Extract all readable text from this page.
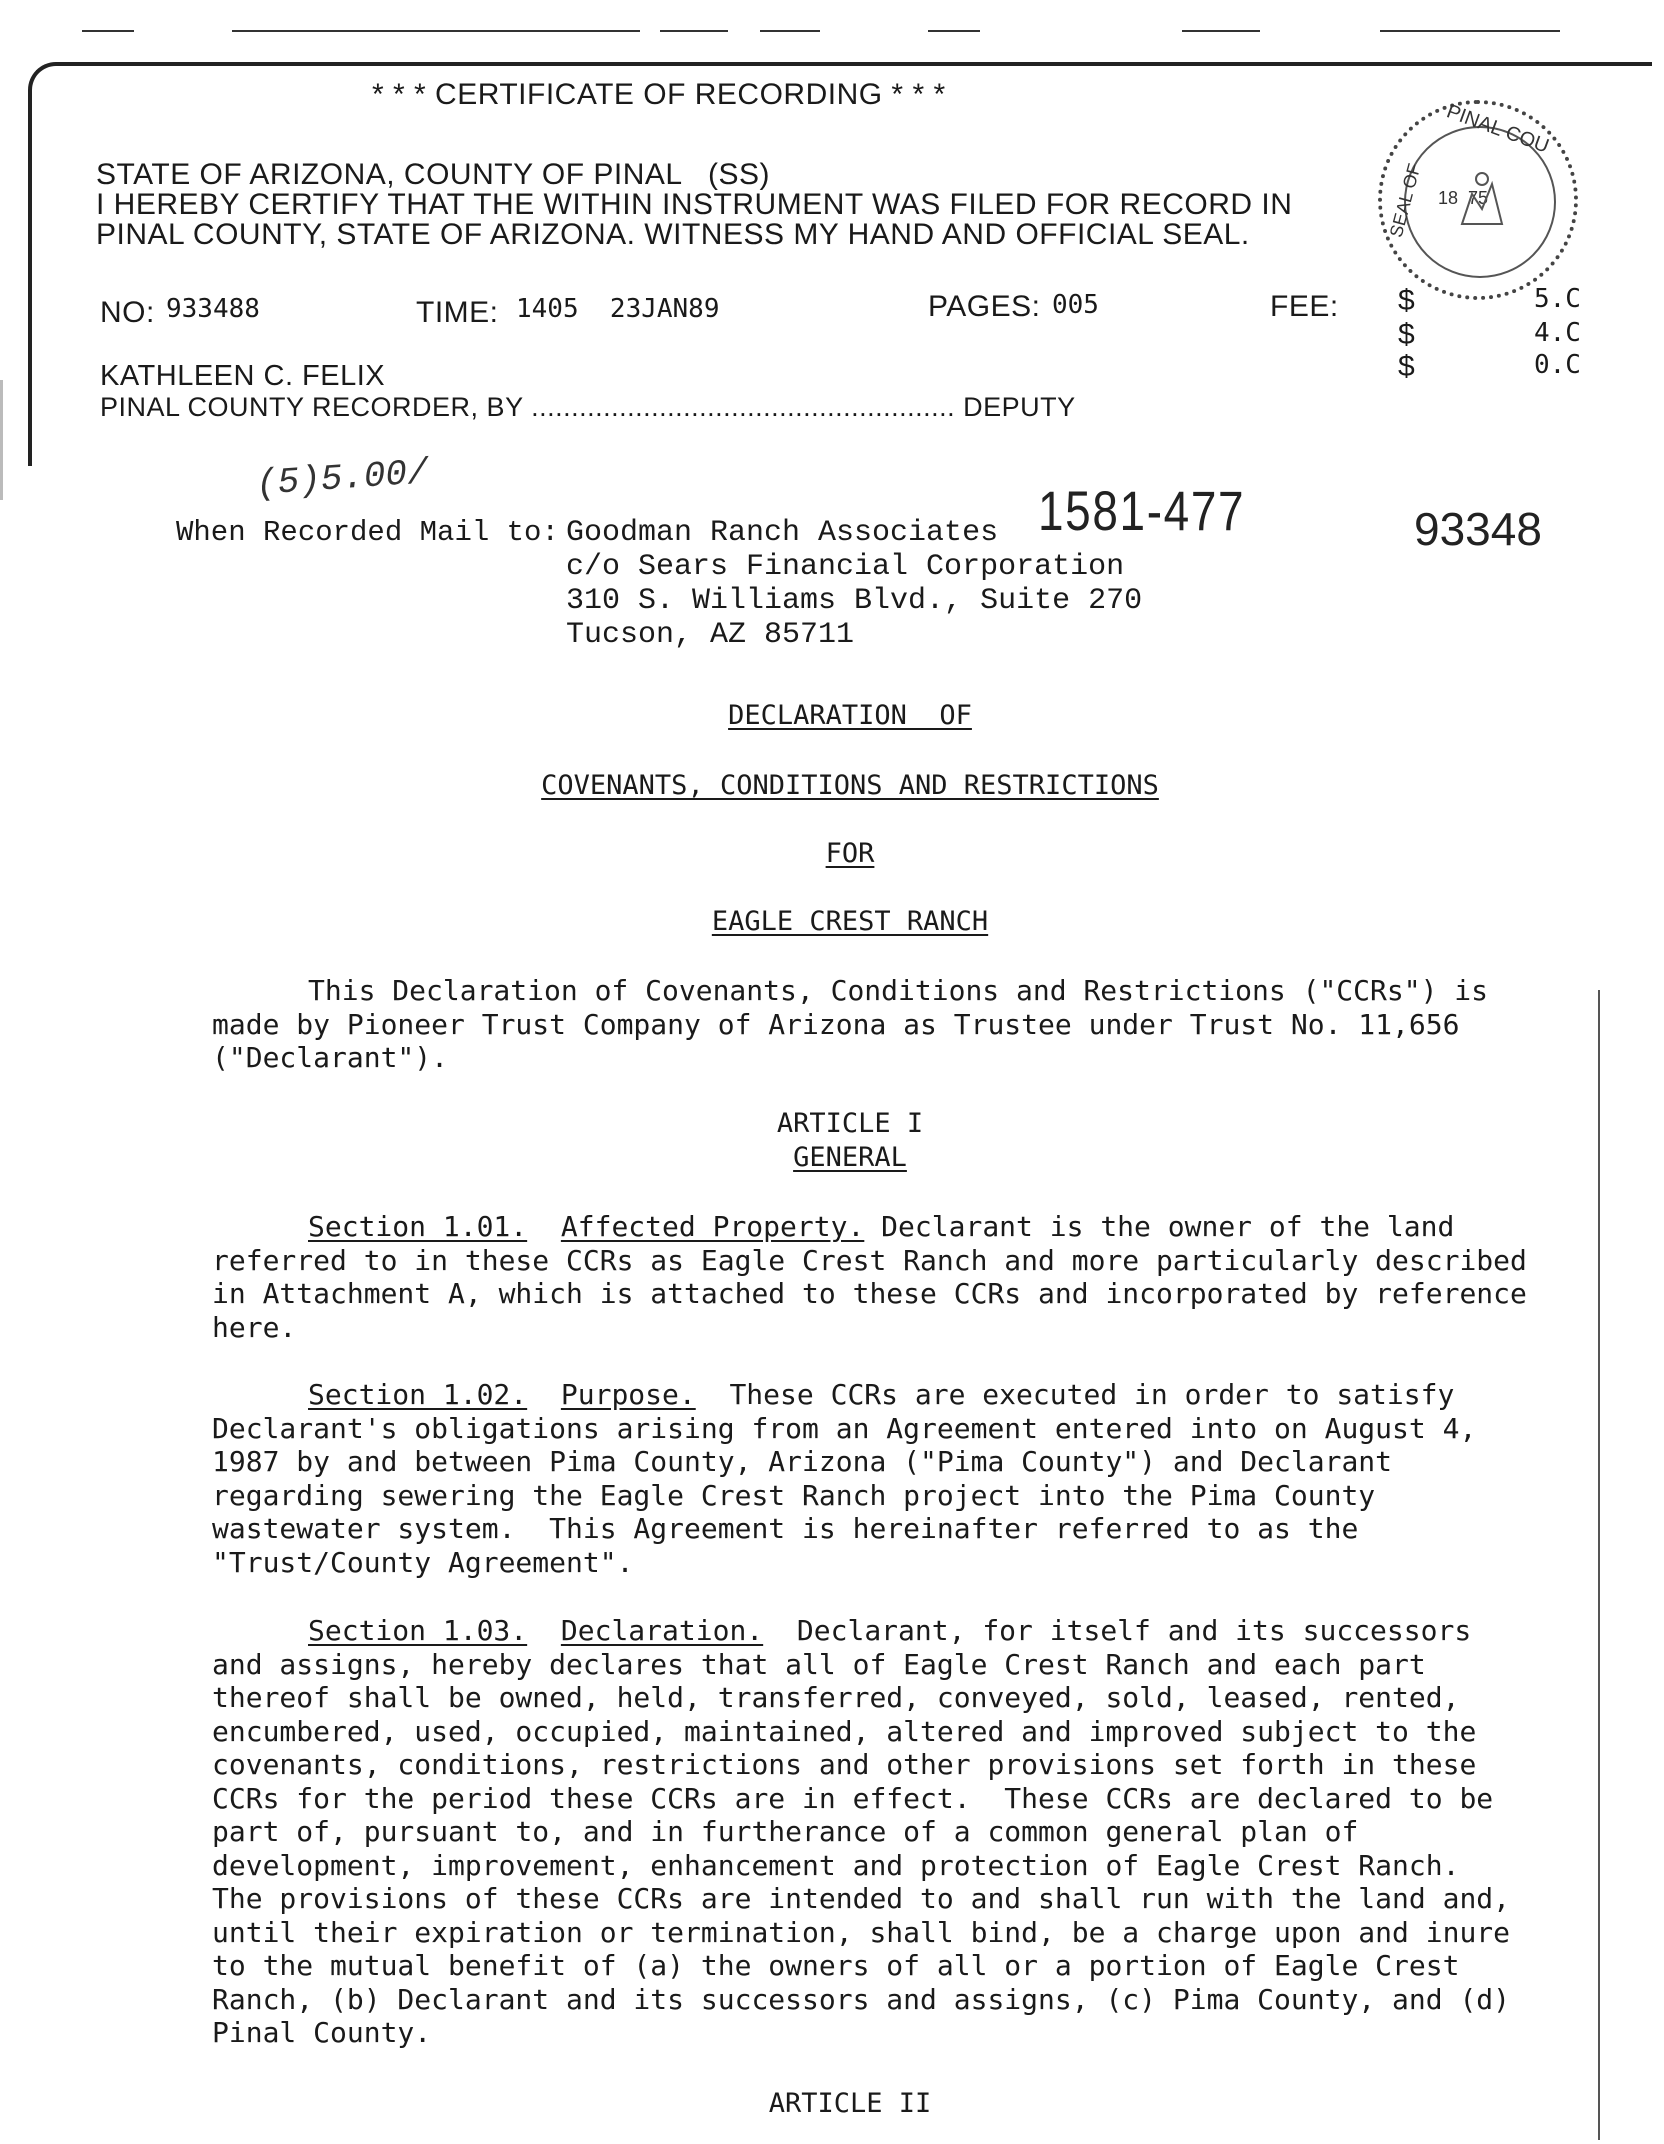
* * * CERTIFICATE OF RECORDING * * *
STATE OF ARIZONA, COUNTY OF PINAL   (SS)
I HEREBY CERTIFY THAT THE WITHIN INSTRUMENT WAS FILED FOR RECORD IN
PINAL COUNTY, STATE OF ARIZONA. WITNESS MY HAND AND OFFICIAL SEAL.
NO: 933488	TIME: 1405  23JAN89	PAGES: 005	FEE: $	5.C
$	4.C
$	0.C
KATHLEEN C. FELIX
PINAL COUNTY RECORDER, BY ..................................................... DEPUTY
PINAL COU
SEAL OF 18  75
(5)5.00/
When Recorded Mail to: Goodman Ranch Associates
c/o Sears Financial Corporation
310 S. Williams Blvd., Suite 270
Tucson, AZ 85711
1581-477	93348
DECLARATION  OF
COVENANTS, CONDITIONS AND RESTRICTIONS
FOR
EAGLE CREST RANCH
This Declaration of Covenants, Conditions and Restrictions ("CCRs") is
made by Pioneer Trust Company of Arizona as Trustee under Trust No. 11,656
("Declarant").
ARTICLE I
GENERAL
Section 1.01. Affected Property. Declarant is the owner of the land
referred to in these CCRs as Eagle Crest Ranch and more particularly described
in Attachment A, which is attached to these CCRs and incorporated by reference
here.
Section 1.02. Purpose.  These CCRs are executed in order to satisfy
Declarant's obligations arising from an Agreement entered into on August 4,
1987 by and between Pima County, Arizona ("Pima County") and Declarant
regarding sewering the Eagle Crest Ranch project into the Pima County
wastewater system.  This Agreement is hereinafter referred to as the
"Trust/County Agreement".
Section 1.03. Declaration.  Declarant, for itself and its successors
and assigns, hereby declares that all of Eagle Crest Ranch and each part
thereof shall be owned, held, transferred, conveyed, sold, leased, rented,
encumbered, used, occupied, maintained, altered and improved subject to the
covenants, conditions, restrictions and other provisions set forth in these
CCRs for the period these CCRs are in effect.  These CCRs are declared to be
part of, pursuant to, and in furtherance of a common general plan of
development, improvement, enhancement and protection of Eagle Crest Ranch.
The provisions of these CCRs are intended to and shall run with the land and,
until their expiration or termination, shall bind, be a charge upon and inure
to the mutual benefit of (a) the owners of all or a portion of Eagle Crest
Ranch, (b) Declarant and its successors and assigns, (c) Pima County, and (d)
Pinal County.
ARTICLE II
